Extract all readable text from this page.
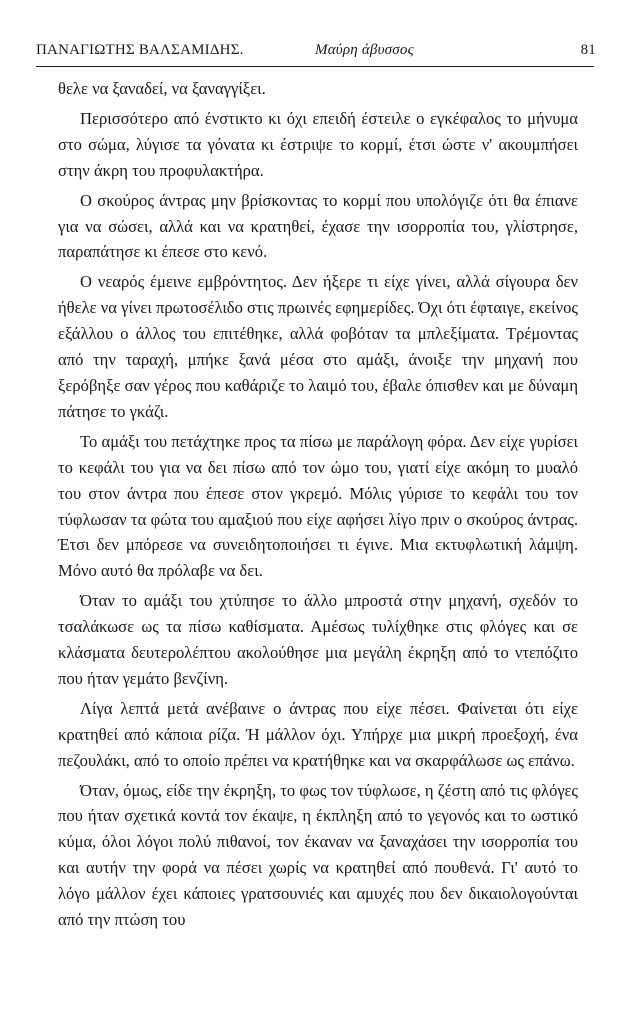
ΠΑΝΑΓΙΩΤΗΣ ΒΑΛΣΑΜΙΔΗΣ.	Μαύρη άβυσσος	81

θελε να ξαναδεί, να ξαναγγίξει.

Περισσότερο από ένστικτο κι όχι επειδή έστειλε ο εγκέφαλος το μήνυμα στο σώμα, λύγισε τα γόνατα κι έστριψε το κορμί, έτσι ώστε ν' ακουμπήσει στην άκρη του προφυλακτήρα.

Ο σκούρος άντρας μην βρίσκοντας το κορμί που υπολόγιζε ότι θα έπιανε για να σώσει, αλλά και να κρατηθεί, έχασε την ισορροπία του, γλίστρησε, παραπάτησε κι έπεσε στο κενό.

Ο νεαρός έμεινε εμβρόντητος. Δεν ήξερε τι είχε γίνει, αλλά σίγουρα δεν ήθελε να γίνει πρωτοσέλιδο στις πρωινές εφημερίδες. Όχι ότι έφταιγε, εκείνος εξάλλου ο άλλος του επιτέθηκε, αλλά φοβόταν τα μπλεξίματα. Τρέμοντας από την ταραχή, μπήκε ξανά μέσα στο αμάξι, άνοιξε την μηχανή που ξερόβηξε σαν γέρος που καθάριζε το λαιμό του, έβαλε όπισθεν και με δύναμη πάτησε το γκάζι.

Το αμάξι του πετάχτηκε προς τα πίσω με παράλογη φόρα. Δεν είχε γυρίσει το κεφάλι του για να δει πίσω από τον ώμο του, γιατί είχε ακόμη το μυαλό του στον άντρα που έπεσε στον γκρεμό. Μόλις γύρισε το κεφάλι του τον τύφλωσαν τα φώτα του αμαξιού που είχε αφήσει λίγο πριν ο σκούρος άντρας. Έτσι δεν μπόρεσε να συνειδητοποιήσει τι έγινε. Μια εκτυφλωτική λάμψη. Μόνο αυτό θα πρόλαβε να δει.

Όταν το αμάξι του χτύπησε το άλλο μπροστά στην μηχανή, σχεδόν το τσαλάκωσε ως τα πίσω καθίσματα. Αμέσως τυλίχθηκε στις φλόγες και σε κλάσματα δευτερολέπτου ακολούθησε μια μεγάλη έκρηξη από το ντεπόζιτο που ήταν γεμάτο βενζίνη.

Λίγα λεπτά μετά ανέβαινε ο άντρας που είχε πέσει. Φαίνεται ότι είχε κρατηθεί από κάποια ρίζα. Ή μάλλον όχι. Υπήρχε μια μικρή προεξοχή, ένα πεζουλάκι, από το οποίο πρέπει να κρατήθηκε και να σκαρφάλωσε ως επάνω.

Όταν, όμως, είδε την έκρηξη, το φως τον τύφλωσε, η ζέστη από τις φλόγες που ήταν σχετικά κοντά τον έκαψε, η έκπληξη από το γεγονός και το ωστικό κύμα, όλοι λόγοι πολύ πιθανοί, τον έκαναν να ξαναχάσει την ισορροπία του και αυτήν την φορά να πέσει χωρίς να κρατηθεί από πουθενά. Γι' αυτό το λόγο μάλλον έχει κάποιες γρατσουνιές και αμυχές που δεν δικαιολογούνται από την πτώση του
